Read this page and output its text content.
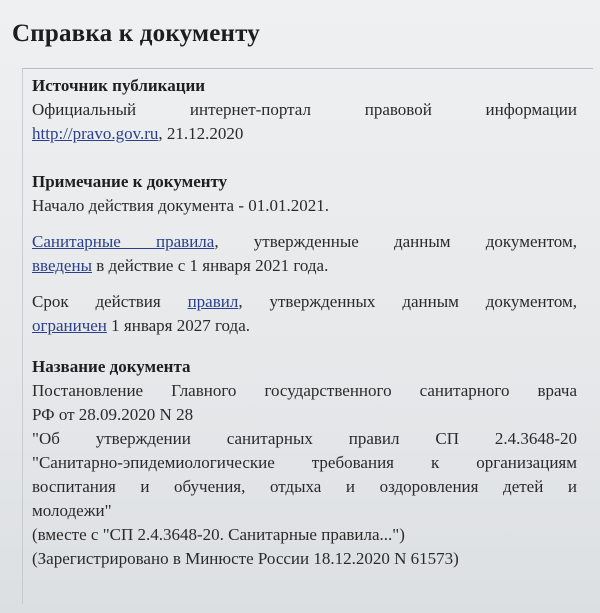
Справка к документу
Источник публикации
Официальный интернет-портал правовой информации
http://pravo.gov.ru, 21.12.2020
Примечание к документу
Начало действия документа - 01.01.2021.
Санитарные правила, утвержденные данным документом,
введены в действие с 1 января 2021 года.
Срок действия правил, утвержденных данным документом,
ограничен 1 января 2027 года.
Название документа
Постановление Главного государственного санитарного врача
РФ от 28.09.2020 N 28
"Об утверждении санитарных правил СП 2.4.3648-20
"Санитарно-эпидемиологические требования к организациям
воспитания и обучения, отдыха и оздоровления детей и
молодежи"
(вместе с "СП 2.4.3648-20. Санитарные правила...")
(Зарегистрировано в Минюсте России 18.12.2020 N 61573)
